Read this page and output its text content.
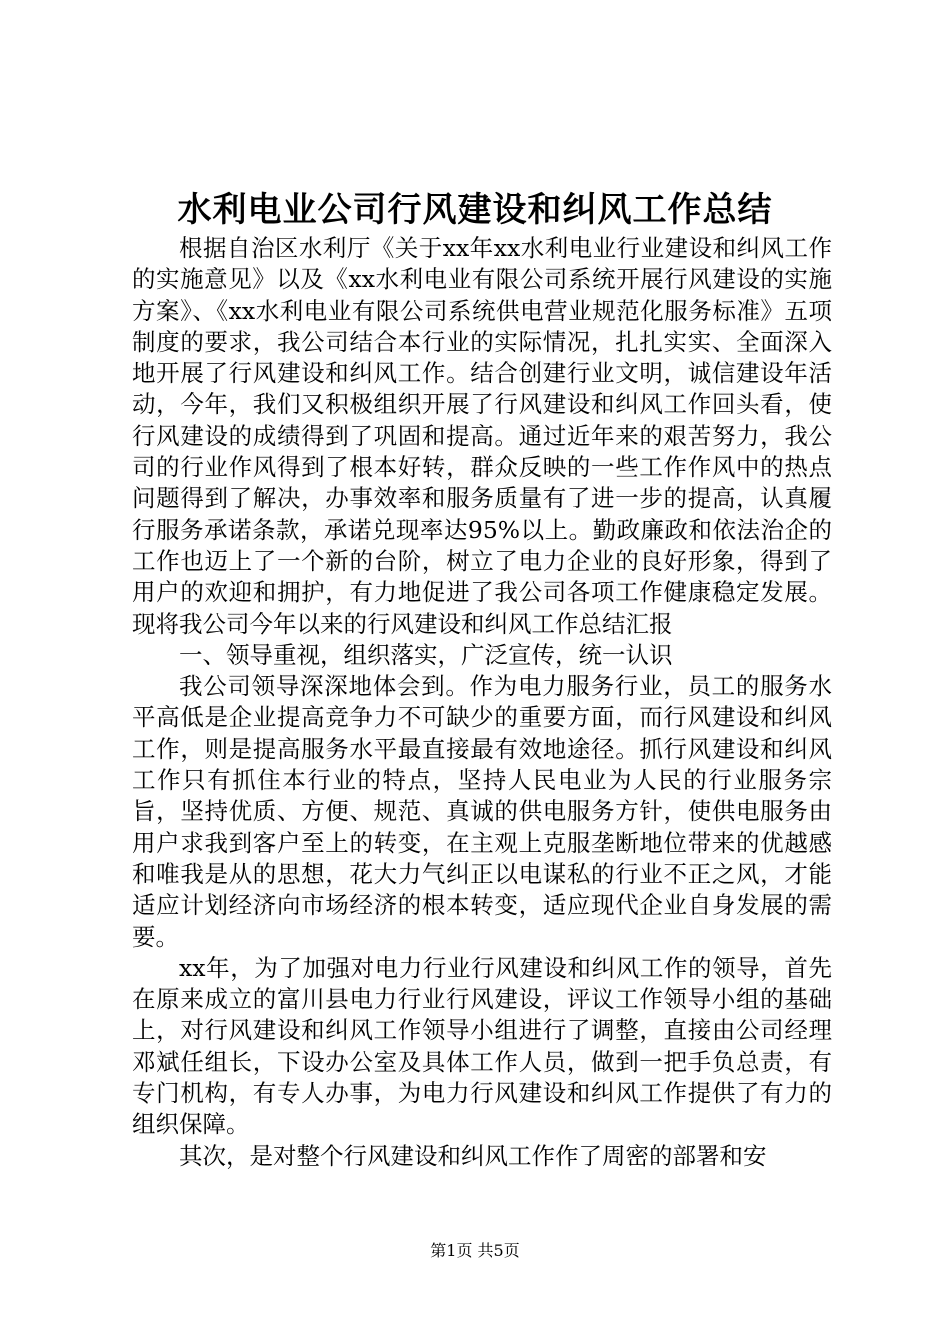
水利电业公司行风建设和纠风工作总结

根据自治区水利厅《关于xx年xx水利电业行业建设和纠风工作的实施意见》以及《xx水利电业有限公司系统开展行风建设的实施方案》、《xx水利电业有限公司系统供电营业规范化服务标准》五项制度的要求，我公司结合本行业的实际情况，扎扎实实、全面深入地开展了行风建设和纠风工作。结合创建行业文明，诚信建设年活动，今年，我们又积极组织开展了行风建设和纠风工作回头看，使行风建设的成绩得到了巩固和提高。通过近年来的艰苦努力，我公司的行业作风得到了根本好转，群众反映的一些工作作风中的热点问题得到了解决，办事效率和服务质量有了进一步的提高，认真履行服务承诺条款，承诺兑现率达95%以上。勤政廉政和依法治企的工作也迈上了一个新的台阶，树立了电力企业的良好形象，得到了用户的欢迎和拥护，有力地促进了我公司各项工作健康稳定发展。现将我公司今年以来的行风建设和纠风工作总结汇报

一、领导重视，组织落实，广泛宣传，统一认识

我公司领导深深地体会到。作为电力服务行业，员工的服务水平高低是企业提高竞争力不可缺少的重要方面，而行风建设和纠风工作，则是提高服务水平最直接最有效地途径。抓行风建设和纠风工作只有抓住本行业的特点，坚持人民电业为人民的行业服务宗旨，坚持优质、方便、规范、真诚的供电服务方针，使供电服务由用户求我到客户至上的转变，在主观上克服垄断地位带来的优越感和唯我是从的思想，花大力气纠正以电谋私的行业不正之风，才能适应计划经济向市场经济的根本转变，适应现代企业自身发展的需要。

xx年，为了加强对电力行业行风建设和纠风工作的领导，首先在原来成立的富川县电力行业行风建设，评议工作领导小组的基础上，对行风建设和纠风工作领导小组进行了调整，直接由公司经理邓斌任组长，下设办公室及具体工作人员，做到一把手负总责，有专门机构，有专人办事，为电力行风建设和纠风工作提供了有力的组织保障。

其次，是对整个行风建设和纠风工作作了周密的部署和安

第1页 共5页
